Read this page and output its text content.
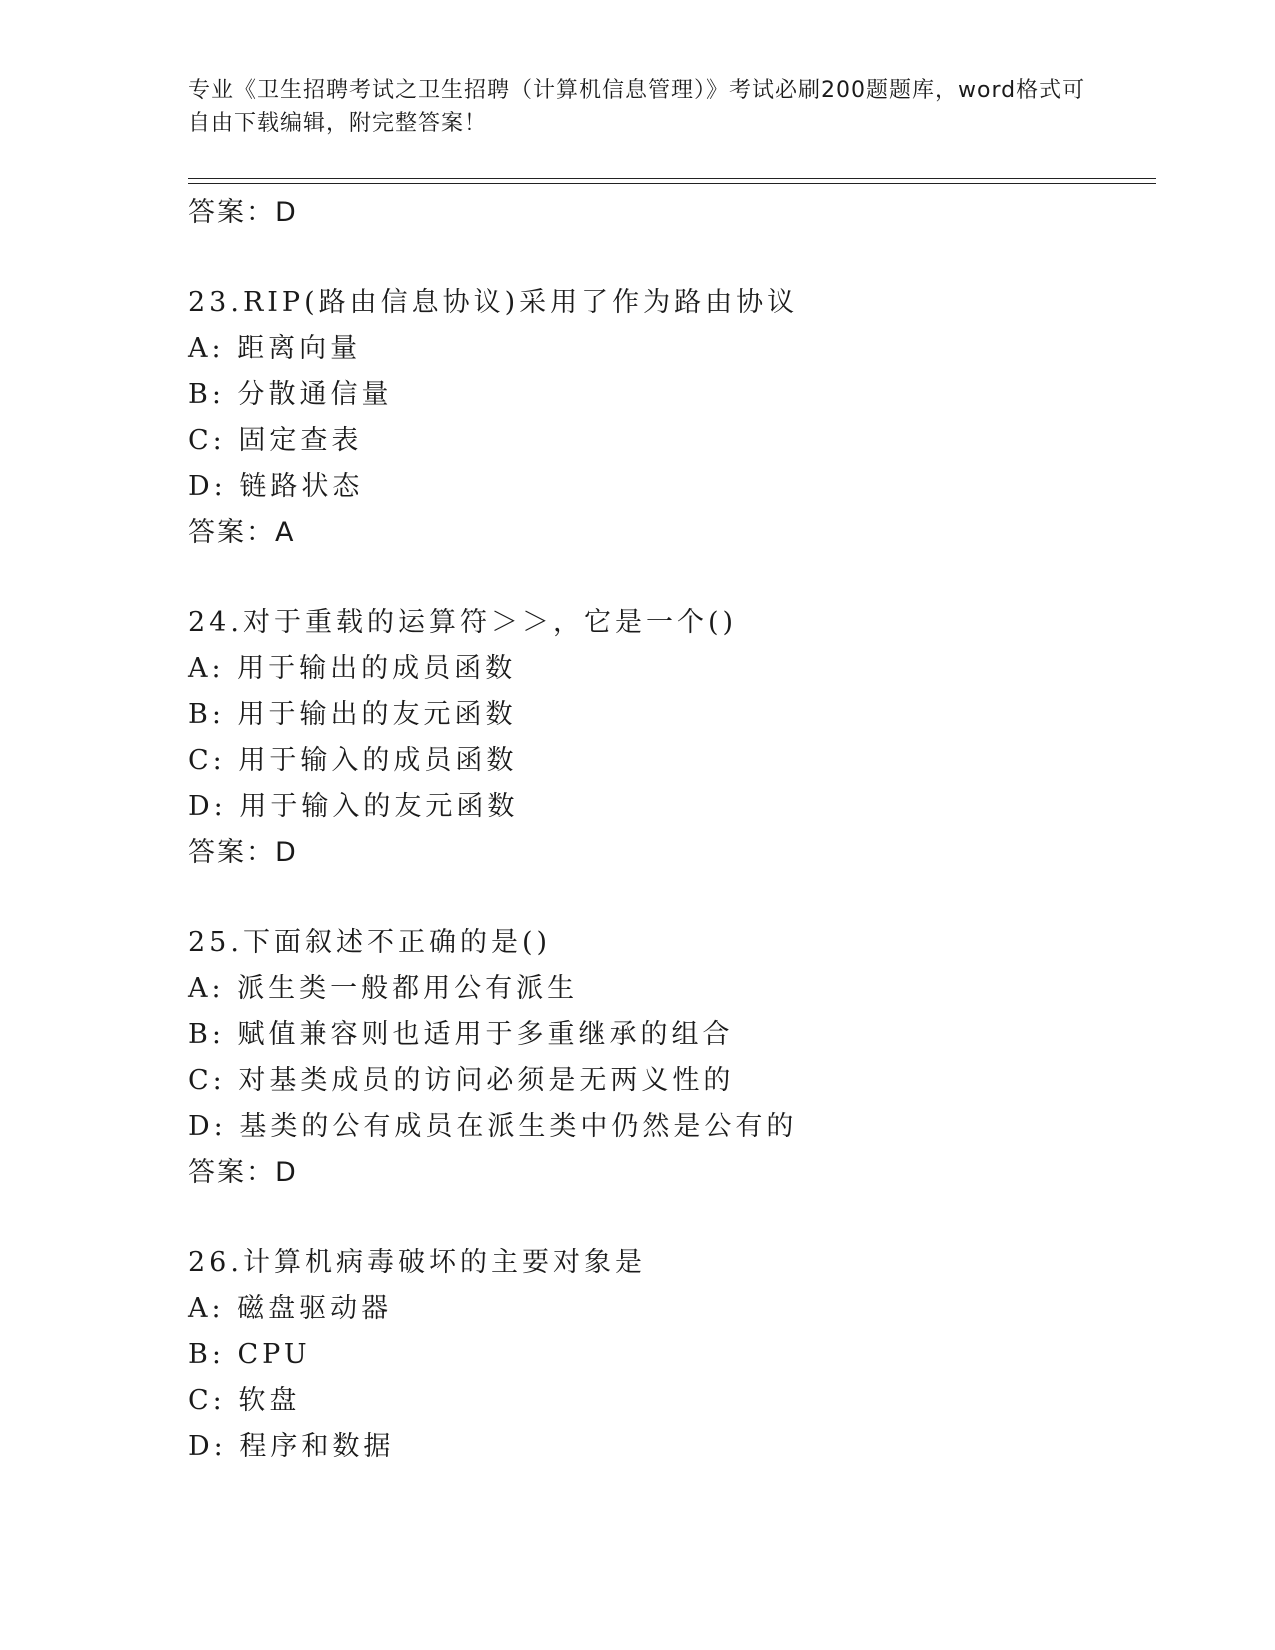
专业《卫生招聘考试之卫生招聘（计算机信息管理）》考试必刷200题题库，word格式可自由下载编辑，附完整答案！
答案：D
23.RIP(路由信息协议)采用了作为路由协议
A: 距离向量
B: 分散通信量
C: 固定查表
D: 链路状态
答案：A
24.对于重载的运算符＞＞，它是一个()
A: 用于输出的成员函数
B: 用于输出的友元函数
C: 用于输入的成员函数
D: 用于输入的友元函数
答案：D
25.下面叙述不正确的是()
A: 派生类一般都用公有派生
B: 赋值兼容则也适用于多重继承的组合
C: 对基类成员的访问必须是无两义性的
D: 基类的公有成员在派生类中仍然是公有的
答案：D
26.计算机病毒破坏的主要对象是
A: 磁盘驱动器
B: CPU
C: 软盘
D: 程序和数据
